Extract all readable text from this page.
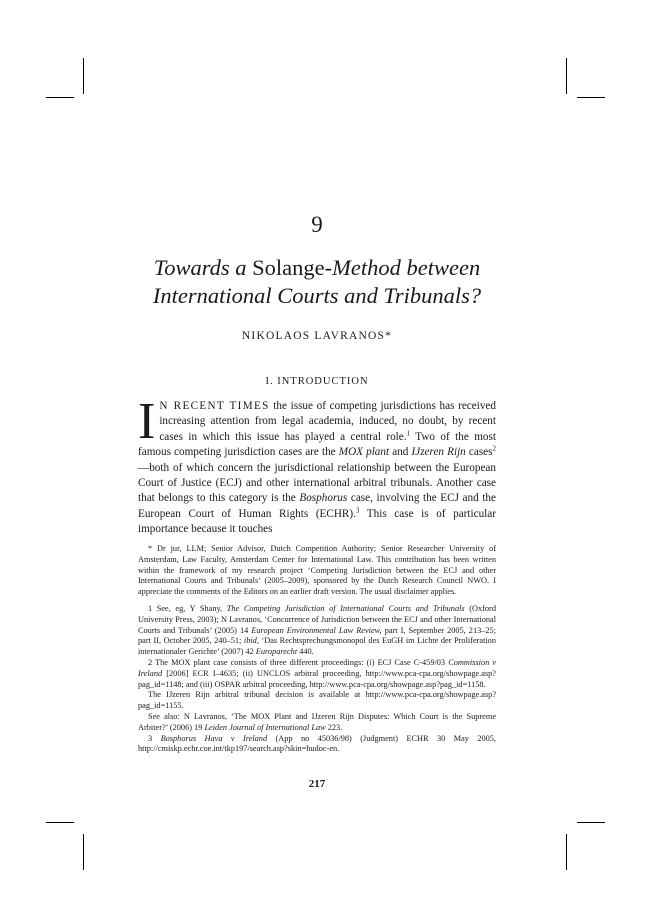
9
Towards a Solange-Method between
International Courts and Tribunals?
NIKOLAOS LAVRANOS*
I. INTRODUCTION
I N RECENT TIMES the issue of competing jurisdictions has received increasing attention from legal academia, induced, no doubt, by recent cases in which this issue has played a central role.$^1$ Two of the most famous competing jurisdiction cases are the MOX plant and IJzeren Rijn cases$^2$—both of which concern the jurisdictional relationship between the European Court of Justice (ECJ) and other international arbitral tribunals. Another case that belongs to this category is the Bosphorus case, involving the ECJ and the European Court of Human Rights (ECHR).$^3$ This case is of particular importance because it touches

* Dr jur, LLM; Senior Advisor, Dutch Competition Authority; Senior Researcher University of Amsterdam, Law Faculty, Amsterdam Center for International Law. This contribution has been written within the framework of my research project ‘Competing Jurisdiction between the ECJ and other International Courts and Tribunals’ (2005–2009), sponsored by the Dutch Research Council NWO. I appreciate the comments of the Editors on an earlier draft version. The usual disclaimer applies.

1 See, eg, Y Shany, The Competing Jurisdiction of International Courts and Tribunals (Oxford University Press, 2003); N Lavranos, ‘Concurrence of Jurisdiction between the ECJ and other International Courts and Tribunals’ (2005) 14 European Environmental Law Review, part I, September 2005, 213–25; part II, October 2005, 240–51; ibid, ‘Das Rechtsprechungsmonopol des EuGH im Lichte der Proliferation internationaler Gerichte’ (2007) 42 Europarecht 440.

2 The MOX plant case consists of three different proceedings: (i) ECJ Case C-459/03 Commission v Ireland [2006] ECR I–4635; (ii) UNCLOS arbitral proceeding, http://www.pca-cpa.org/showpage.asp?pag_id=1148; and (iii) OSPAR arbitral proceeding, http://www.pca-cpa.org/showpage.asp?pag_id=1158.

The IJzeren Rijn arbitral tribunal decision is available at http://www.pca-cpa.org/showpage.asp?pag_id=1155.

See also: N Lavranos, ‘The MOX Plant and IJzeren Rijn Disputes: Which Court is the Supreme Arbiter?’ (2006) 19 Leiden Journal of International Law 223.

3 Bosphorus Hava v Ireland (App no 45036/98) (Judgment) ECHR 30 May 2005, http://cmiskp.echr.coe.int/tkp197/search.asp?skin=hudoc-en.

217
